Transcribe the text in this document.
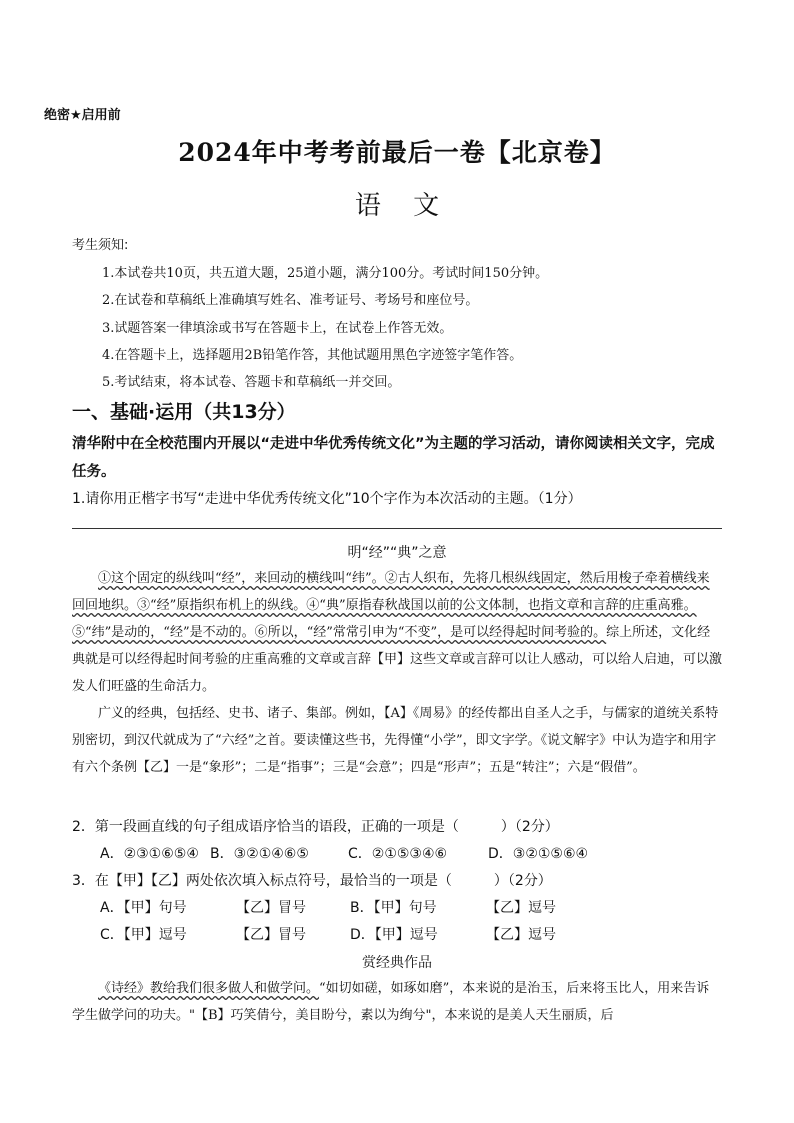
绝密★启用前
2024年中考考前最后一卷【北京卷】
语 文
考生须知:
1.本试卷共10页，共五道大题，25道小题，满分100分。考试时间150分钟。
2.在试卷和草稿纸上准确填写姓名、准考证号、考场号和座位号。
3.试题答案一律填涂或书写在答题卡上，在试卷上作答无效。
4.在答题卡上，选择题用2B铅笔作答，其他试题用黑色字迹签字笔作答。
5.考试结束，将本试卷、答题卡和草稿纸一并交回。
一、基础·运用（共13分）
清华附中在全校范围内开展以“走进中华优秀传统文化”为主题的学习活动，请你阅读相关文字，完成任务。
1.请你用正楷字书写“走进中华优秀传统文化”10个字作为本次活动的主题。（1分）
明“经”“典”之意
①这个固定的纵线叫“经”，来回动的横线叫“纬”。②古人织布，先将几根纵线固定，然后用梭子牵着横线来回回地织。③“经”原指织布机上的纵线。④“典”原指春秋战国以前的公文体制，也指文章和言辞的庄重高雅。⑤“纬”是动的，“经”是不动的。⑥所以，“经”常常引申为“不变”，是可以经得起时间考验的。综上所述，文化经典就是可以经得起时间考验的庄重高雅的文章或言辞【甲】这些文章或言辞可以让人感动，可以给人启迪，可以激发人们旺盛的生命活力。
广义的经典，包括经、史书、诸子、集部。例如，【A】《周易》的经传都出自圣人之手，与儒家的道统关系特别密切，到汉代就成为了“六经”之首。要读懂这些书，先得懂“小学”，即文字学。《说文解字》中认为造字和用字有六个条例【乙】一是“象形”；二是“指事”；三是“会意”；四是“形声”；五是“转注”；六是“假借”。
2．第一段画直线的句子组成语序恰当的语段，正确的一项是（　　　）（2分）
A．②③①⑥⑤④ B．③②①④⑥⑤	C．②①⑤③④⑥	D．③②①⑤⑥④
3．在【甲】【乙】两处依次填入标点符号，最恰当的一项是（　　　）（2分）
A．【甲】句号	【乙】冒号	B．【甲】句号	【乙】逗号
C．【甲】逗号	【乙】冒号	D．【甲】逗号	【乙】逗号
赏经典作品
《诗经》教给我们很多做人和做学问。“如切如磋，如琢如磨”，本来说的是治玉，后来将玉比人，用来告诉学生做学问的功夫。"【B】巧笑倩兮，美目盼兮，素以为绚兮"，本来说的是美人天生丽质，后
